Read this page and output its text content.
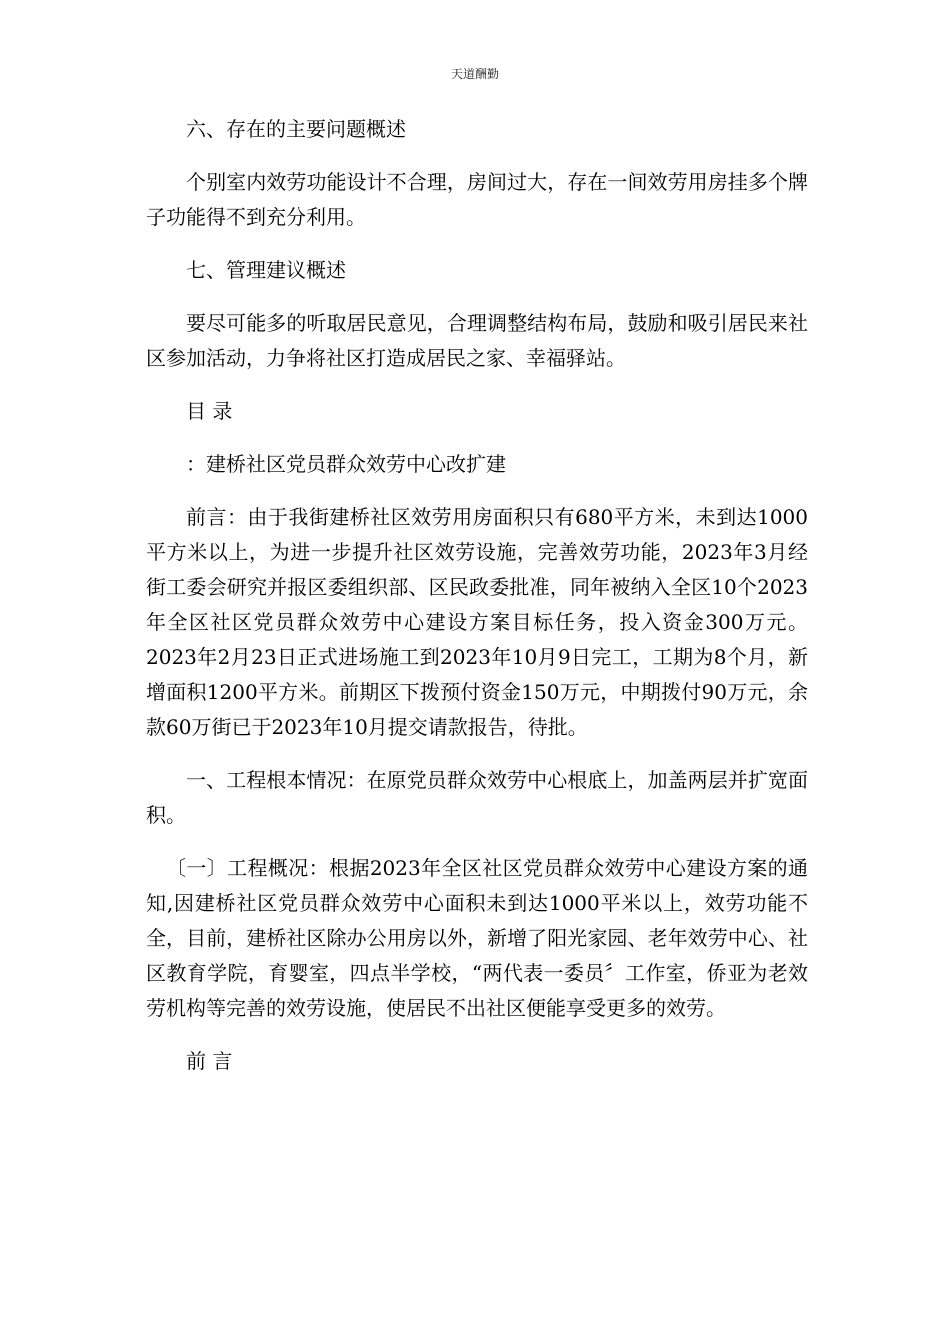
天道酬勤

六、存在的主要问题概述

个别室内效劳功能设计不合理，房间过大，存在一间效劳用房挂多个牌子功能得不到充分利用。

七、管理建议概述

要尽可能多的听取居民意见，合理调整结构布局，鼓励和吸引居民来社区参加活动，力争将社区打造成居民之家、幸福驿站。

目 录

：建桥社区党员群众效劳中心改扩建

前言：由于我街建桥社区效劳用房面积只有680平方米，未到达1000平方米以上，为进一步提升社区效劳设施，完善效劳功能，2023年3月经街工委会研究并报区委组织部、区民政委批准，同年被纳入全区10个2023年全区社区党员群众效劳中心建设方案目标任务，投入资金300万元。2023年2月23日正式进场施工到2023年10月9日完工，工期为8个月，新增面积1200平方米。前期区下拨预付资金150万元，中期拨付90万元，余款60万街已于2023年10月提交请款报告，待批。

一、工程根本情况：在原党员群众效劳中心根底上，加盖两层并扩宽面积。

〔一〕工程概况：根据2023年全区社区党员群众效劳中心建设方案的通知,因建桥社区党员群众效劳中心面积未到达1000平米以上，效劳功能不全，目前，建桥社区除办公用房以外，新增了阳光家园、老年效劳中心、社区教育学院，育婴室，四点半学校，“两代表一委员〞工作室，侨亚为老效劳机构等完善的效劳设施，使居民不出社区便能享受更多的效劳。

前 言
